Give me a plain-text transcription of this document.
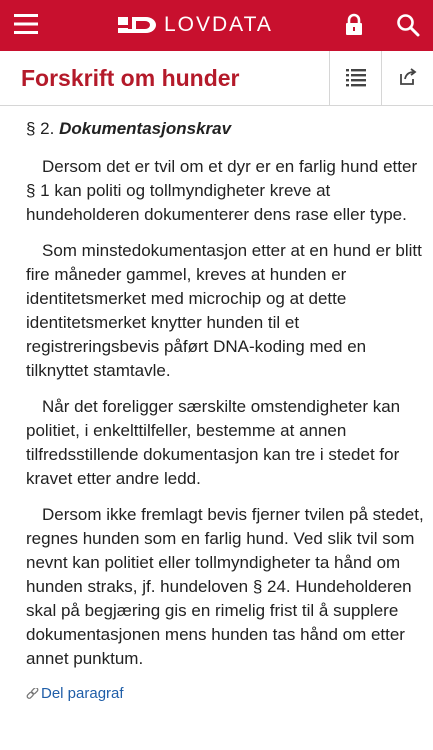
LOVDATA
Forskrift om hunder
§ 2. Dokumentasjonskrav

Dersom det er tvil om et dyr er en farlig hund etter § 1 kan politi og tollmyndigheter kreve at hundeholderen dokumenterer dens rase eller type.

Som minstedokumentasjon etter at en hund er blitt fire måneder gammel, kreves at hunden er identitetsmerket med microchip og at dette identitetsmerket knytter hunden til et registreringsbevis påført DNA-koding med en tilknyttet stamtavle.

Når det foreligger særskilte omstendigheter kan politiet, i enkelttilfeller, bestemme at annen tilfredsstillende dokumentasjon kan tre i stedet for kravet etter andre ledd.

Dersom ikke fremlagt bevis fjerner tvilen på stedet, regnes hunden som en farlig hund. Ved slik tvil som nevnt kan politiet eller tollmyndigheter ta hånd om hunden straks, jf. hundeloven § 24. Hundeholderen skal på begjæring gis en rimelig frist til å supplere dokumentasjonen mens hunden tas hånd om etter annet punktum.

Del paragraf
